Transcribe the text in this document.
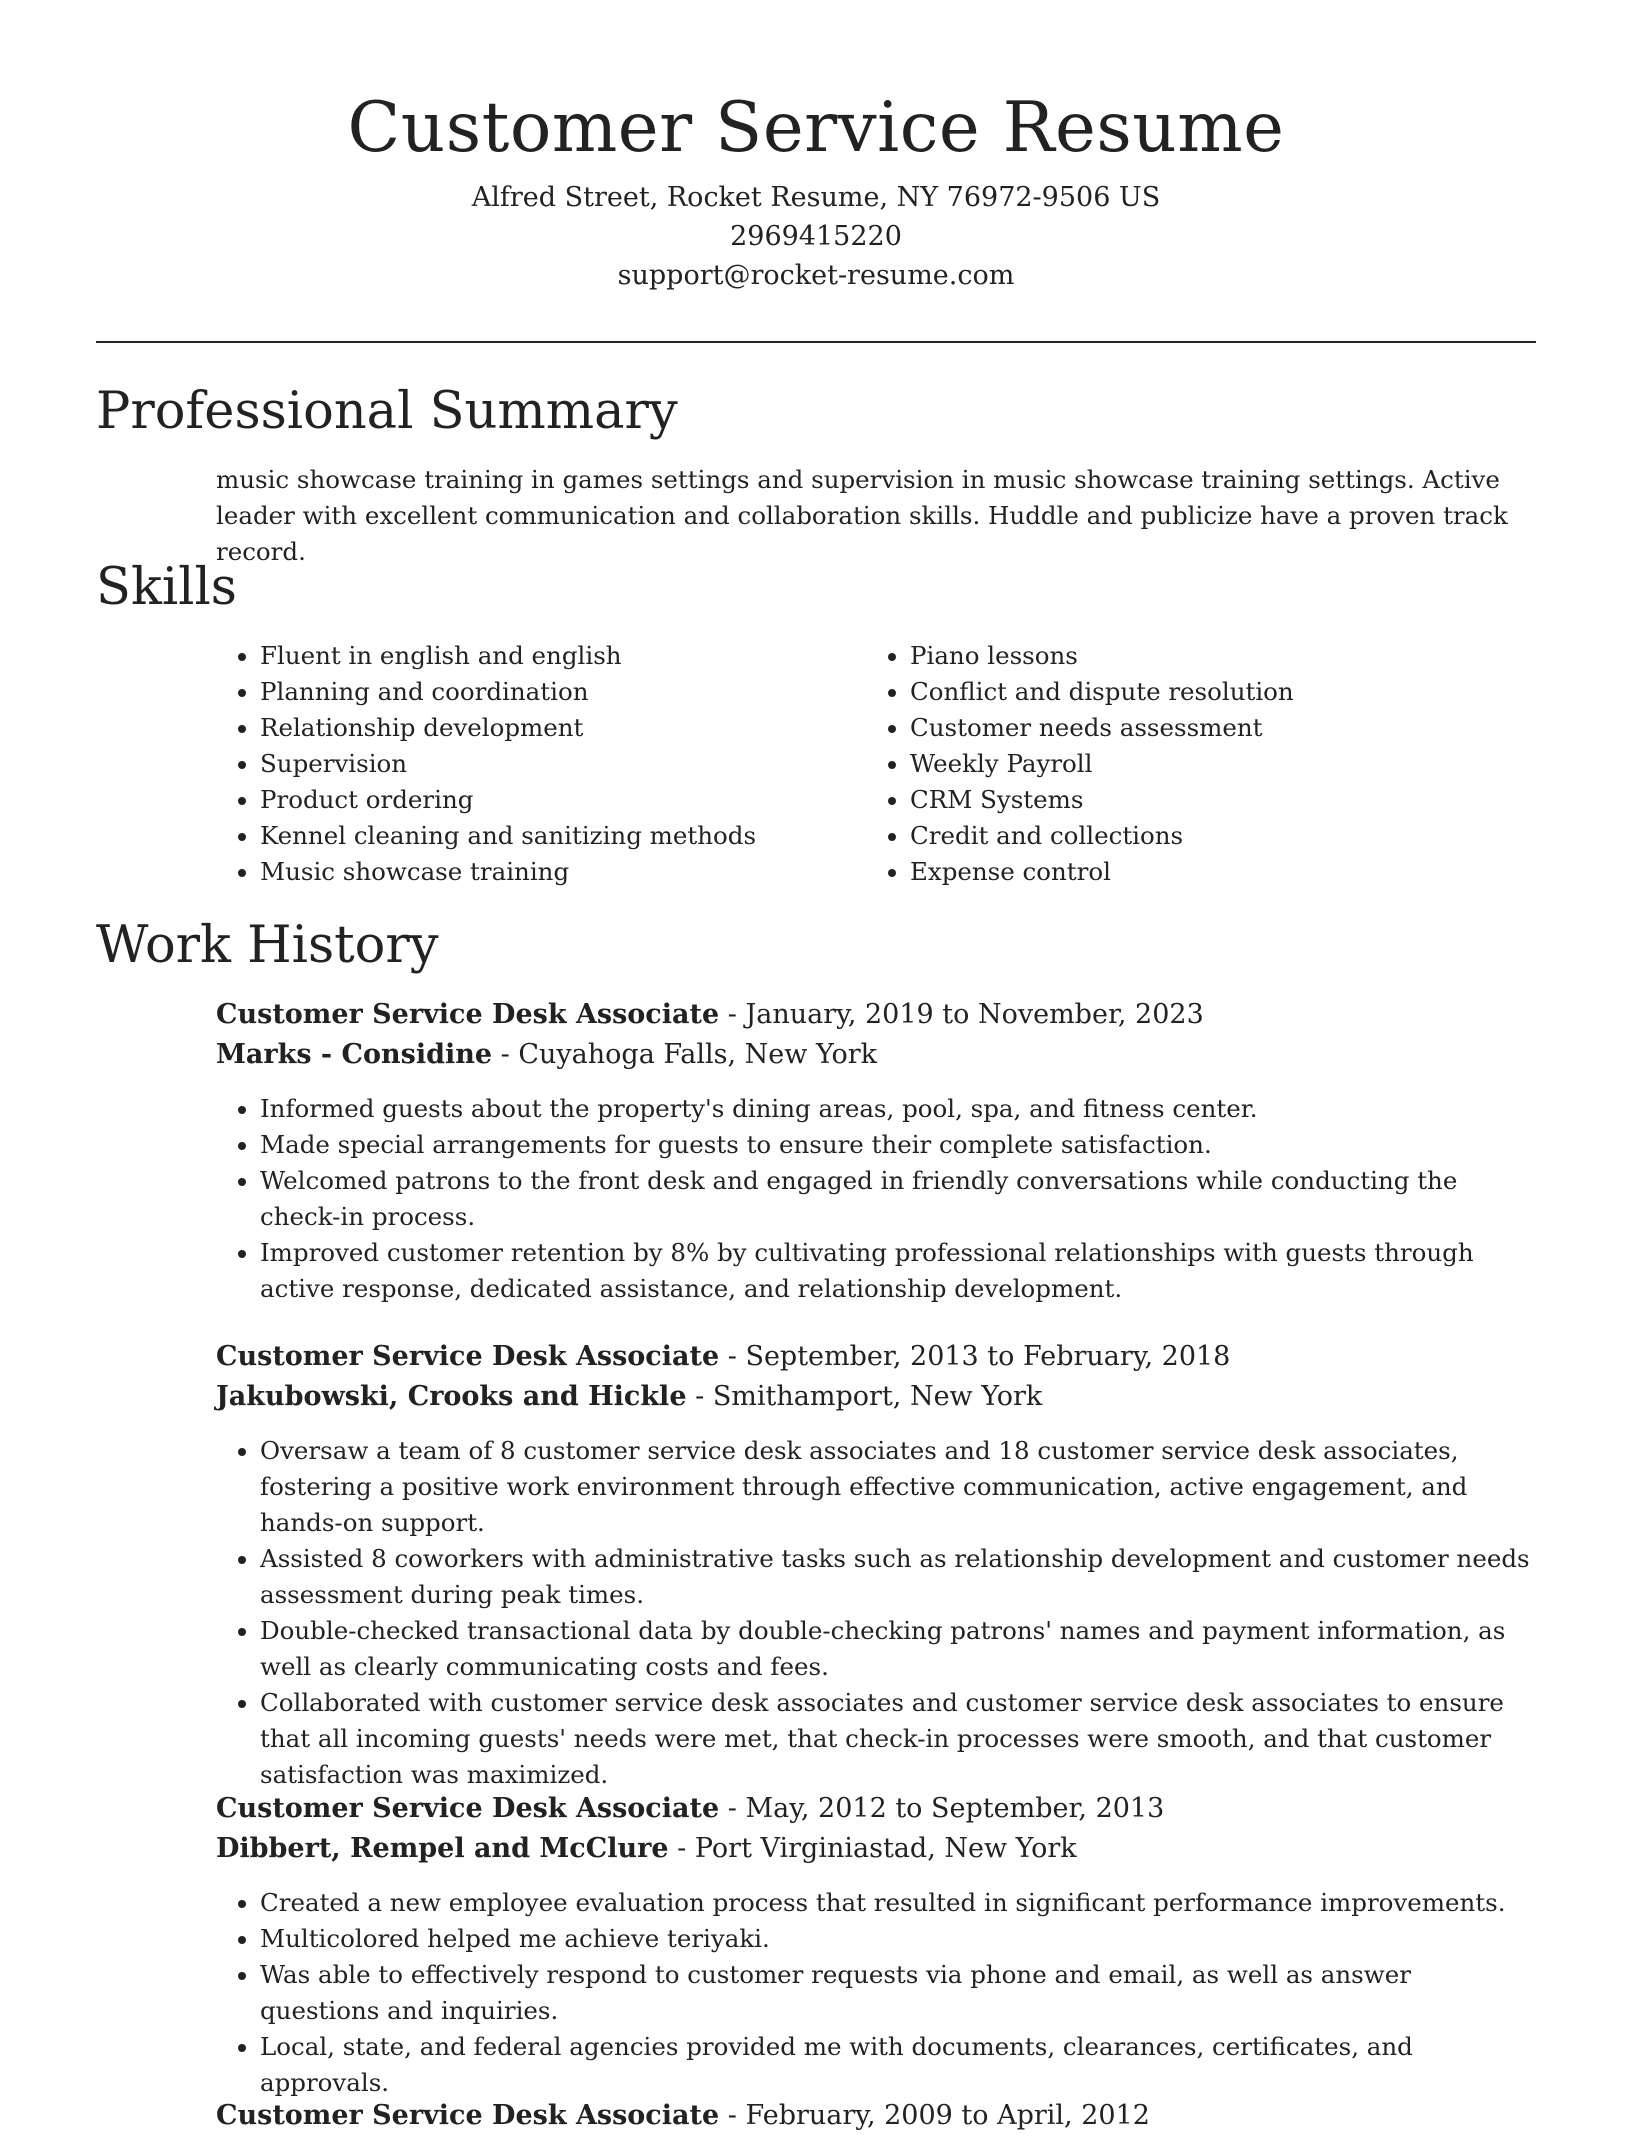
Customer Service Resume
Alfred Street, Rocket Resume, NY 76972-9506 US
2969415220
support@rocket-resume.com
Professional Summary

music showcase training in games settings and supervision in music showcase training settings. Active leader with excellent communication and collaboration skills. Huddle and publicize have a proven track record.

Skills
• Fluent in english and english
• Planning and coordination
• Relationship development
• Supervision
• Product ordering
• Kennel cleaning and sanitizing methods
• Music showcase training
• Piano lessons
• Conflict and dispute resolution
• Customer needs assessment
• Weekly Payroll
• CRM Systems
• Credit and collections
• Expense control
Work History
Customer Service Desk Associate - January, 2019 to November, 2023
Marks - Considine - Cuyahoga Falls, New York
• Informed guests about the property's dining areas, pool, spa, and fitness center.
• Made special arrangements for guests to ensure their complete satisfaction.
• Welcomed patrons to the front desk and engaged in friendly conversations while conducting the check-in process.
• Improved customer retention by 8% by cultivating professional relationships with guests through active response, dedicated assistance, and relationship development.
Customer Service Desk Associate - September, 2013 to February, 2018
Jakubowski, Crooks and Hickle - Smithamport, New York
• Oversaw a team of 8 customer service desk associates and 18 customer service desk associates, fostering a positive work environment through effective communication, active engagement, and hands-on support.
• Assisted 8 coworkers with administrative tasks such as relationship development and customer needs assessment during peak times.
• Double-checked transactional data by double-checking patrons' names and payment information, as well as clearly communicating costs and fees.
• Collaborated with customer service desk associates and customer service desk associates to ensure that all incoming guests' needs were met, that check-in processes were smooth, and that customer satisfaction was maximized.
Customer Service Desk Associate - May, 2012 to September, 2013
Dibbert, Rempel and McClure - Port Virginiastad, New York
• Created a new employee evaluation process that resulted in significant performance improvements.
• Multicolored helped me achieve teriyaki.
• Was able to effectively respond to customer requests via phone and email, as well as answer questions and inquiries.
• Local, state, and federal agencies provided me with documents, clearances, certificates, and approvals.
Customer Service Desk Associate - February, 2009 to April, 2012
